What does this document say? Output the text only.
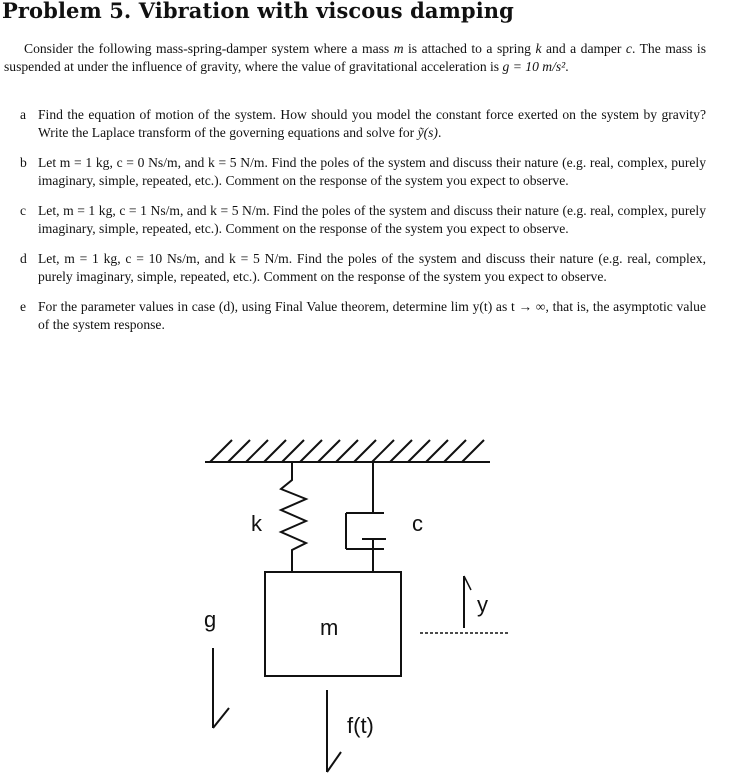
Problem 5. Vibration with viscous damping
Consider the following mass-spring-damper system where a mass m is attached to a spring k and a damper c. The mass is suspended at under the influence of gravity, where the value of gravitational acceleration is g = 10 m/s².
a Find the equation of motion of the system. How should you model the constant force exerted on the system by gravity? Write the Laplace transform of the governing equations and solve for ỹ(s).
b Let m = 1 kg, c = 0 Ns/m, and k = 5 N/m. Find the poles of the system and discuss their nature (e.g. real, complex, purely imaginary, simple, repeated, etc.). Comment on the response of the system you expect to observe.
c Let, m = 1 kg, c = 1 Ns/m, and k = 5 N/m. Find the poles of the system and discuss their nature (e.g. real, complex, purely imaginary, simple, repeated, etc.). Comment on the response of the system you expect to observe.
d Let, m = 1 kg, c = 10 Ns/m, and k = 5 N/m. Find the poles of the system and discuss their nature (e.g. real, complex, purely imaginary, simple, repeated, etc.). Comment on the response of the system you expect to observe.
e For the parameter values in case (d), using Final Value theorem, determine lim y(t) as t → ∞, that is, the asymptotic value of the system response.
k	c
m
g
y
f(t)
